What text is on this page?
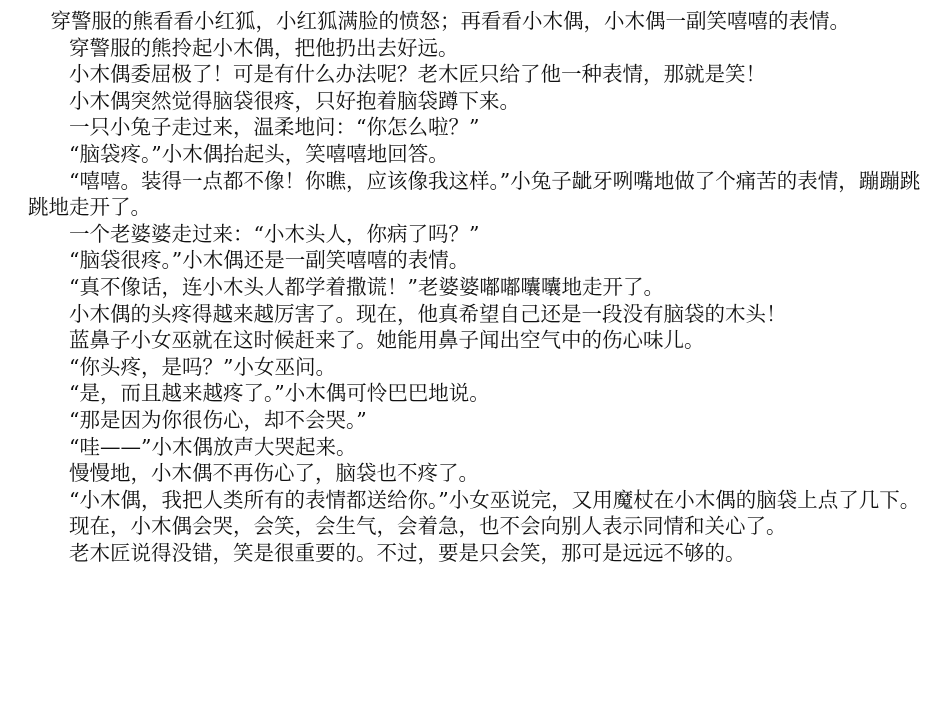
穿警服的熊看看小红狐，小红狐满脸的愤怒；再看看小木偶，小木偶一副笑嘻嘻的表情。

穿警服的熊拎起小木偶，把他扔出去好远。

小木偶委屈极了！可是有什么办法呢？老木匠只给了他一种表情，那就是笑！

小木偶突然觉得脑袋很疼，只好抱着脑袋蹲下来。

一只小兔子走过来，温柔地问：“你怎么啦？”

“脑袋疼。”小木偶抬起头，笑嘻嘻地回答。

“嘻嘻。装得一点都不像！你瞧，应该像我这样。”小兔子龇牙咧嘴地做了个痛苦的表情，蹦蹦跳跳地走开了。

一个老婆婆走过来：“小木头人，你病了吗？”

“脑袋很疼。”小木偶还是一副笑嘻嘻的表情。

“真不像话，连小木头人都学着撒谎！”老婆婆嘟嘟囔囔地走开了。

小木偶的头疼得越来越厉害了。现在，他真希望自己还是一段没有脑袋的木头！

蓝鼻子小女巫就在这时候赶来了。她能用鼻子闻出空气中的伤心味儿。

“你头疼，是吗？”小女巫问。

“是，而且越来越疼了。”小木偶可怜巴巴地说。

“那是因为你很伤心，却不会哭。”

“哇——”小木偶放声大哭起来。

慢慢地，小木偶不再伤心了，脑袋也不疼了。

“小木偶，我把人类所有的表情都送给你。”小女巫说完，又用魔杖在小木偶的脑袋上点了几下。

现在，小木偶会哭，会笑，会生气，会着急，也不会向别人表示同情和关心了。

老木匠说得没错，笑是很重要的。不过，要是只会笑，那可是远远不够的。
